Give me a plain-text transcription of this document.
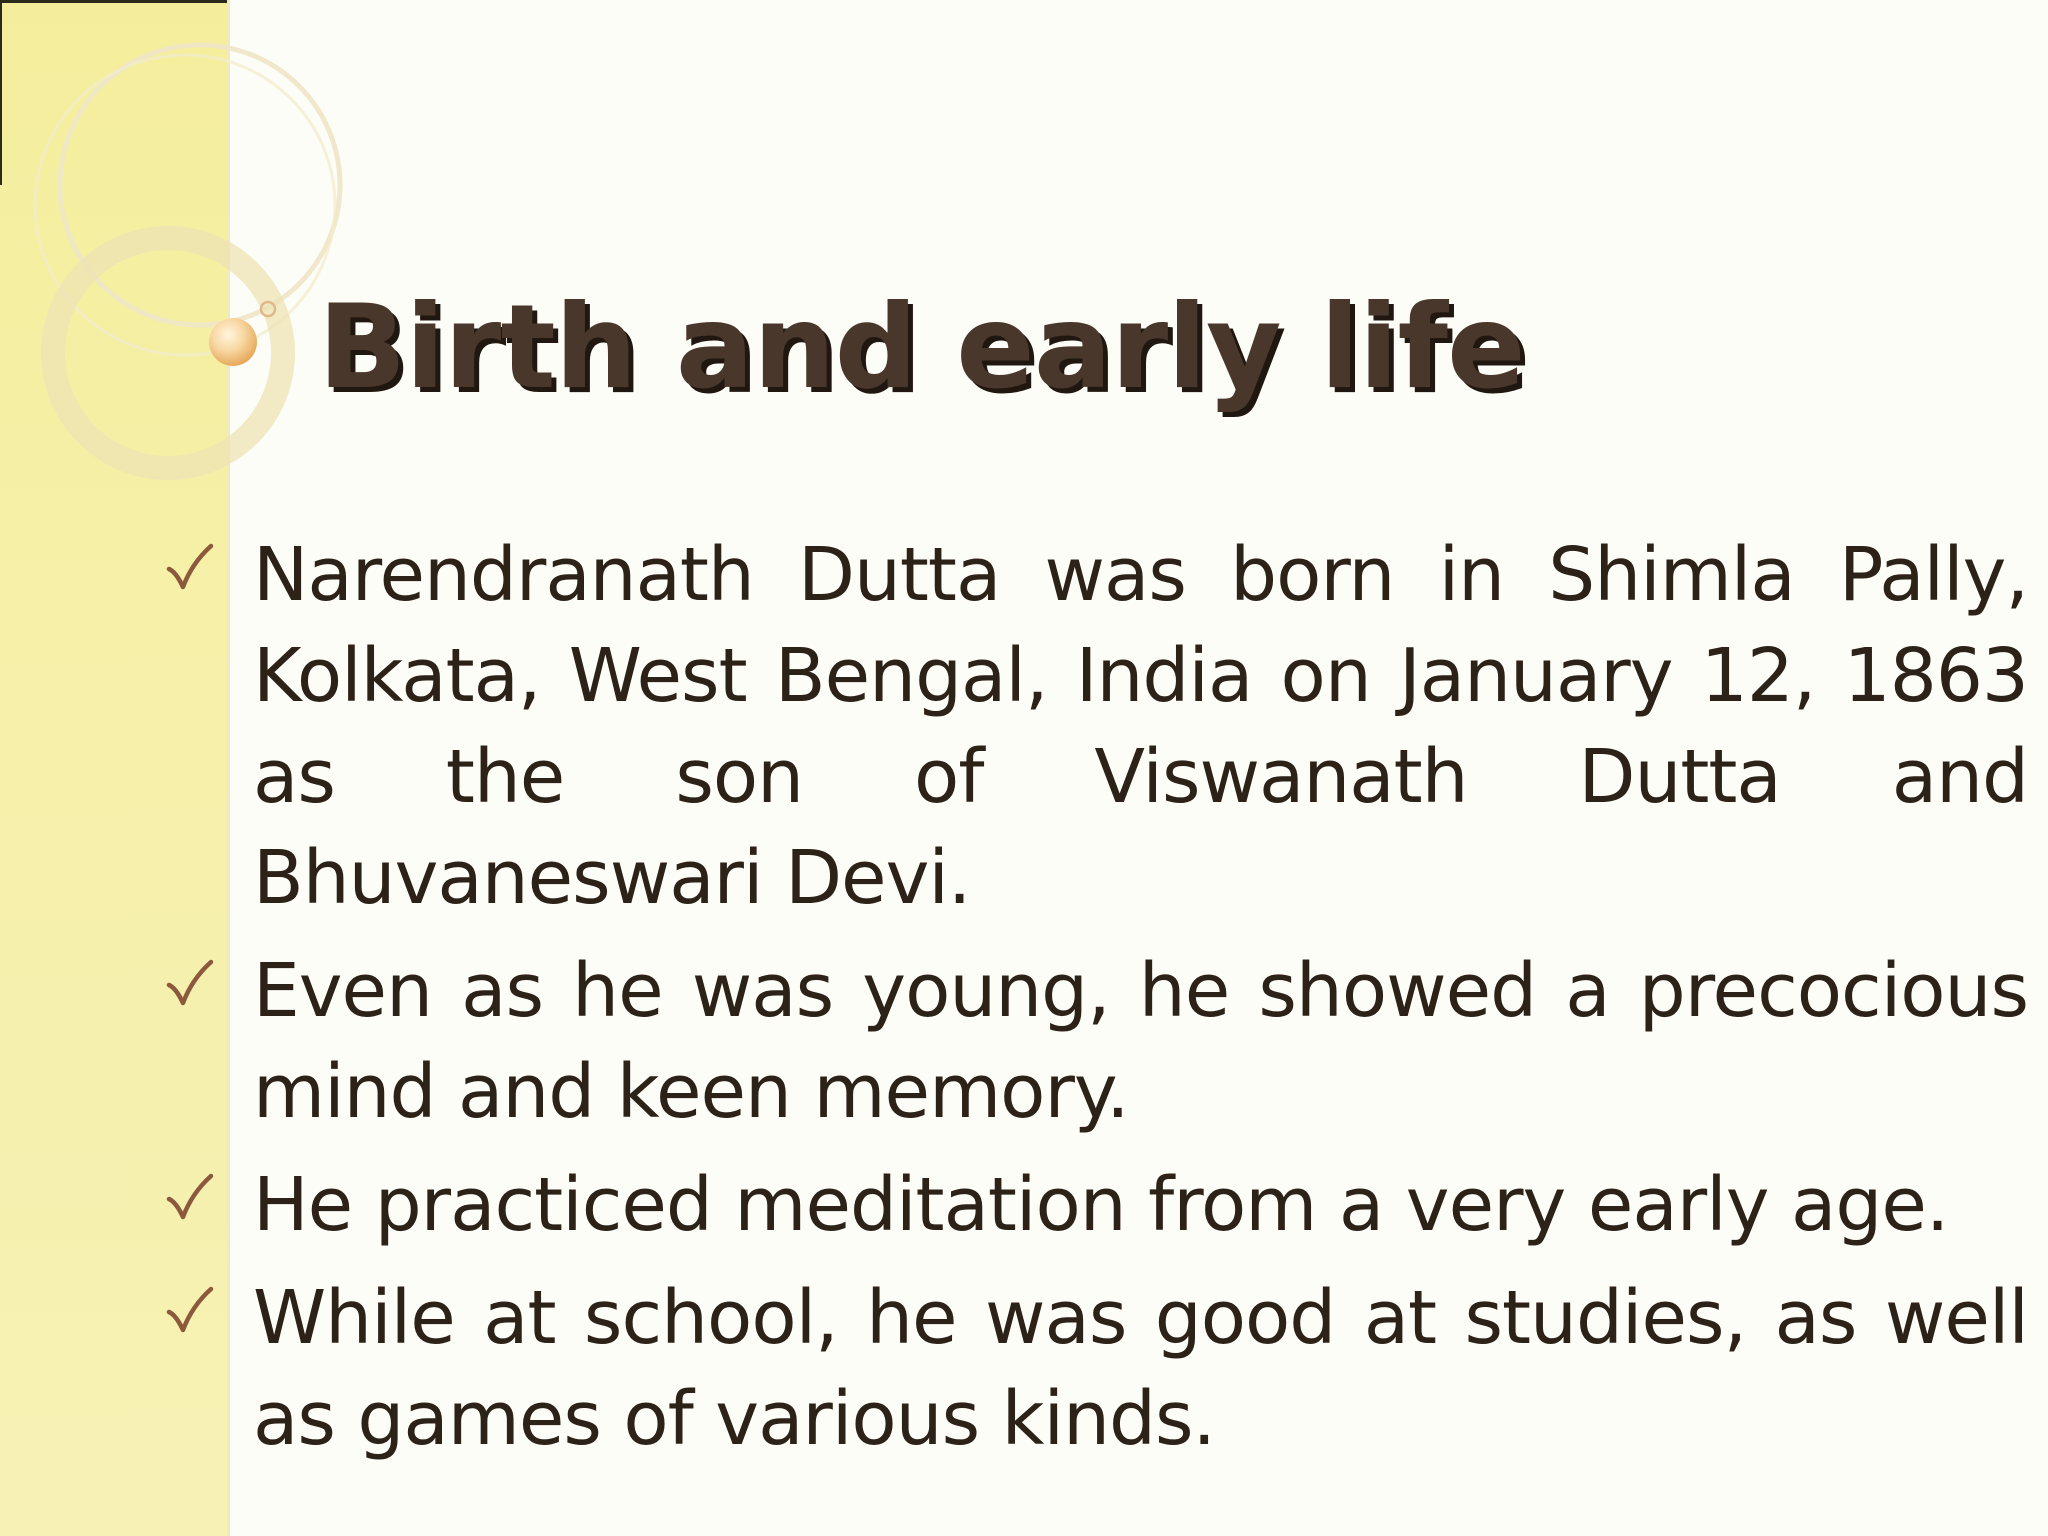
Birth and early life
Narendranath Dutta was born in Shimla Pally, Kolkata, West Bengal, India on January 12, 1863 as the son of Viswanath Dutta and Bhuvaneswari Devi.
Even as he was young, he showed a precocious mind and keen memory.
He practiced meditation from a very early age.
While at school, he was good at studies, as well as games of various kinds.
